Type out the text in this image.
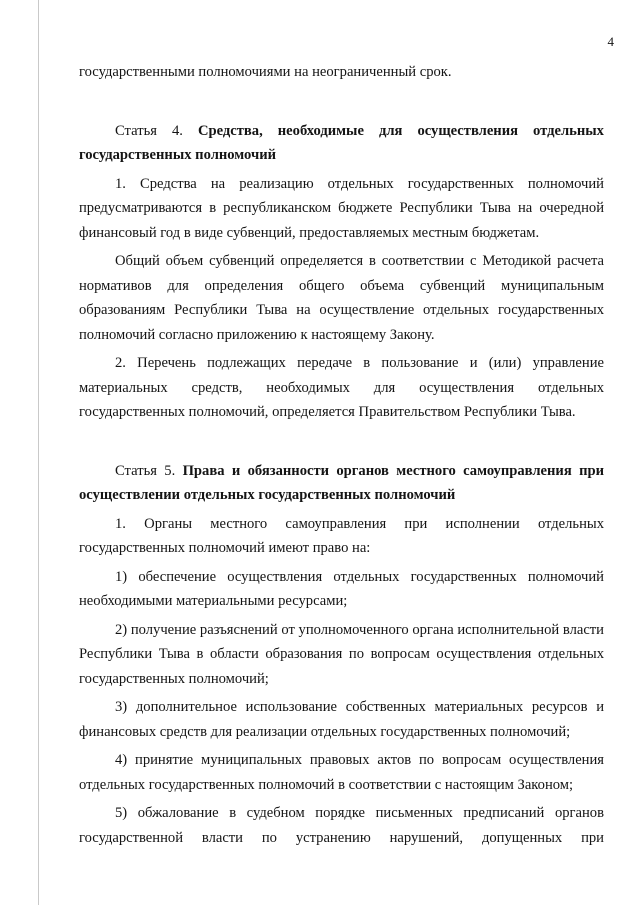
4

государственными полномочиями на неограниченный срок.

Статья 4. Средства, необходимые для осуществления отдельных государственных полномочий

1. Средства на реализацию отдельных государственных полномочий предусматриваются в республиканском бюджете Республики Тыва на очередной финансовый год в виде субвенций, предоставляемых местным бюджетам.

Общий объем субвенций определяется в соответствии с Методикой расчета нормативов для определения общего объема субвенций муниципальным образованиям Республики Тыва на осуществление отдельных государственных полномочий согласно приложению к настоящему Закону.

2. Перечень подлежащих передаче в пользование и (или) управление материальных средств, необходимых для осуществления отдельных государственных полномочий, определяется Правительством Республики Тыва.

Статья 5. Права и обязанности органов местного самоуправления при осуществлении отдельных государственных полномочий

1. Органы местного самоуправления при исполнении отдельных государственных полномочий имеют право на:

1) обеспечение осуществления отдельных государственных полномочий необходимыми материальными ресурсами;

2) получение разъяснений от уполномоченного органа исполнительной власти Республики Тыва в области образования по вопросам осуществления отдельных государственных полномочий;

3) дополнительное использование собственных материальных ресурсов и финансовых средств для реализации отдельных государственных полномочий;

4) принятие муниципальных правовых актов по вопросам осуществления отдельных государственных полномочий в соответствии с настоящим Законом;

5) обжалование в судебном порядке письменных предписаний органов государственной власти по устранению нарушений, допущенных при
